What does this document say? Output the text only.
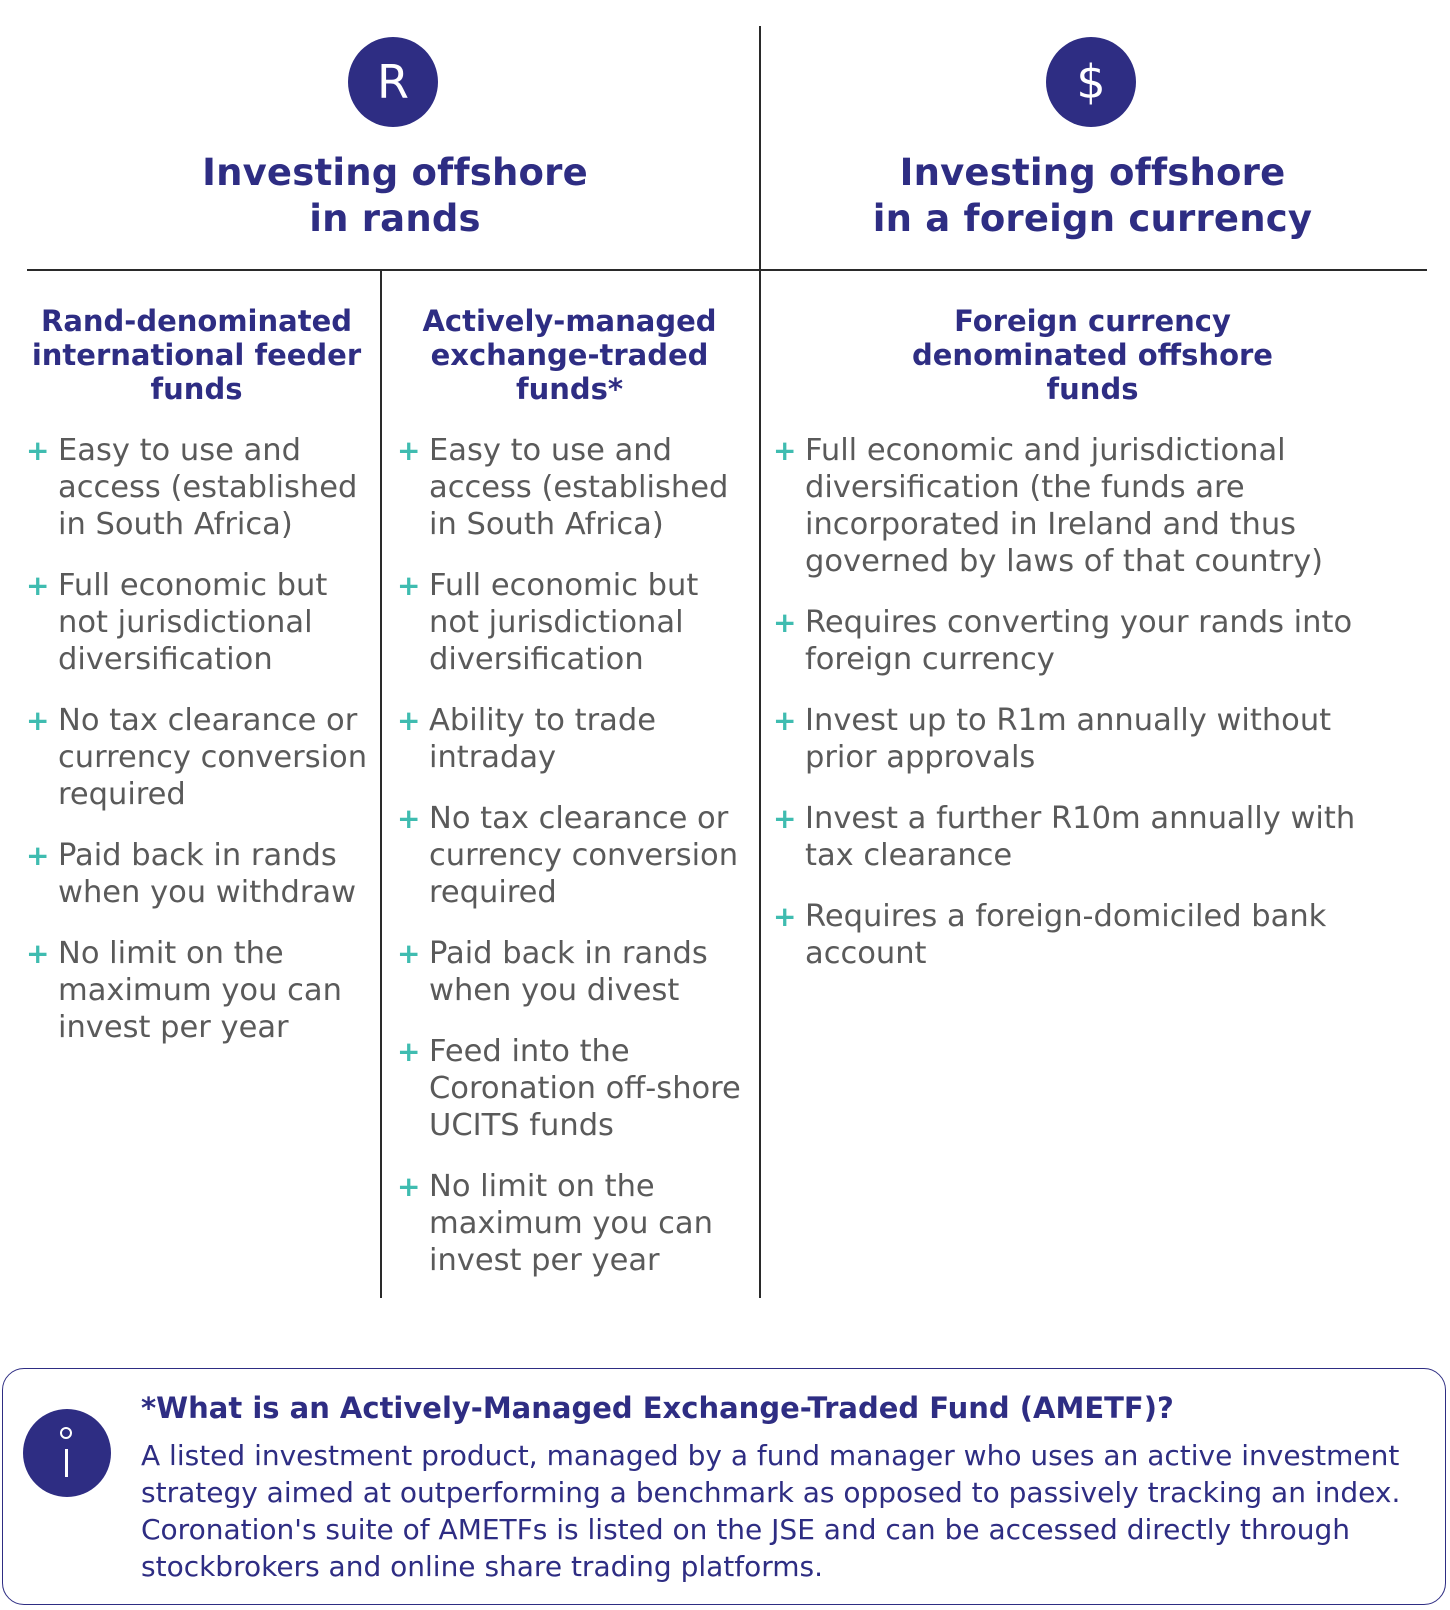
R
Investing offshore
in rands
$
Investing offshore
in a foreign currency
Rand-denominated
international feeder
funds
Actively-managed
exchange-traded
funds*
Foreign currency
denominated offshore
funds
+ Easy to use and access (established in South Africa)
+ Full economic but not jurisdictional diversification
+ No tax clearance or currency conversion required
+ Paid back in rands when you withdraw
+ No limit on the maximum you can invest per year
+ Easy to use and access (established in South Africa)
+ Full economic but not jurisdictional diversification
+ Ability to trade intraday
+ No tax clearance or currency conversion required
+ Paid back in rands when you divest
+ Feed into the Coronation off-shore UCITS funds
+ No limit on the maximum you can invest per year
+ Full economic and jurisdictional diversification (the funds are incorporated in Ireland and thus governed by laws of that country)
+ Requires converting your rands into foreign currency
+ Invest up to R1m annually without prior approvals
+ Invest a further R10m annually with tax clearance
+ Requires a foreign-domiciled bank account
*What is an Actively-Managed Exchange-Traded Fund (AMETF)?
A listed investment product, managed by a fund manager who uses an active investment strategy aimed at outperforming a benchmark as opposed to passively tracking an index. Coronation's suite of AMETFs is listed on the JSE and can be accessed directly through stockbrokers and online share trading platforms.
